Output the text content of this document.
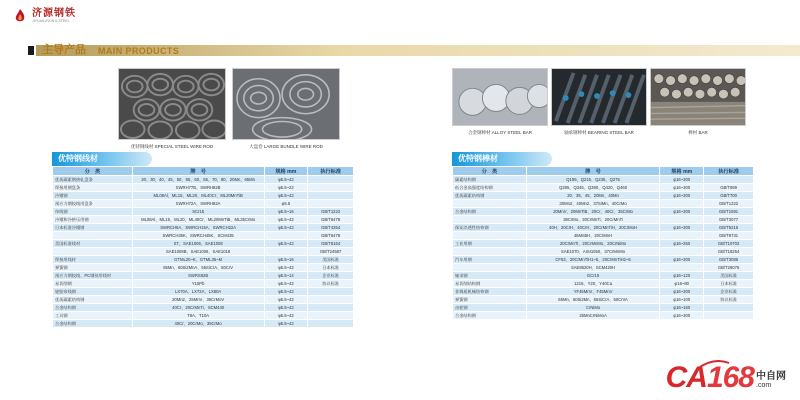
济源钢铁
JIYUAN IRON & STEEL
主导产品 MAIN PRODUCTS
优特钢线材 SPECIAL STEEL WIRE ROD	大盘卷 LARGE BUNDLE WIRE ROD
合金钢棒材 ALLOY STEEL BAR	轴承钢棒材 BEARING STEEL BAR	棒材 BAR
优特钢线材
分　类	牌　号	规格 mm	执行标准
优质碳素钢热轧盘条	20、30、40、45、50、55、60、65、70、80、20Mn、65Mn	φ5.5~42	
焊接用钢盘条	SWRH77B、SWRH82B	φ5.5~22	
冷镦钢	ML08Al、ML15、ML20、ML40Cr、ML20MnTiB	φ5.5~42	
预应力钢绞线用盘条	SWRH72A、SWRH82A	φ5.5	
帘线钢	SCr15	φ5.5~16	GB/T1222
冷镦和冷挤压用钢	ML08Al、ML15、ML20、ML40Cr、ML20MnTiB、ML35CrMo	φ5.5~42	GB/T6478
日本标准冷镦钢	SWRCH6A、SWRCH15A、SWRCH22A	φ5.5~42	GB/T4354
	SWRCH35K、SWRCH45K、SCM435		GB/T6478
美国标准线材	ST、SAE1006、SAE1008	φ5.5~42	GB/T8164
	SAE1008B、SAE1006、SAE1018		GB/T24587
焊接用线材	GTML20~K、GTML35~M	φ5.5~16	美国标准
弹簧钢	65Mn、60Si2MnA、55SiCrA、50CrV	φ5.5~42	日本标准
预应力钢绞线、PC钢丝用线材	SWRS82B	φ5.5~14	企业标准
易切削钢	Y15Pb	φ5.5~42	协议标准
轮胎帘线钢	LX70A、LX72A、LX80A	φ5.5~42	
优质碳素结构钢	20Mn2、25MnV、35CrMoV	φ5.5~42	
合金结构钢	40Cr、20CrMnTi、SCM440	φ5.5~42	
工具钢	T8A、T10A	φ5.5~42	
合金结构钢	40Cr、20CrMo、35CrMo	φ5.5~42	
优特钢棒材
分　类	牌　号	规格 mm	执行标准
碳素结构钢	Q195、Q215、Q235、Q275	φ16~300	
低合金高强度结构钢	Q295、Q345、Q390、Q420、Q460	φ16~300	GB/T699
优质碳素结构钢	20、35、45、20Mn、40Mn	φ16~300	GB/T700
	30Mn2、40Mn2、37SiMn、40CrMo		GB/T1222
合金结构钢	20MnV、20MnTiB、20Cr、40Cr、35CrMo	φ16~300	GB/T1591
	38CrMo、30CrMnTi、20CrMnTi		GB/T3077
保证淬透性结构钢	40H、20CrH、40CrH、20CrMnTiH、20CrMoH	φ16~300	GB/T5216
	45MnBH、20CrMnH		GB/T8731
工业用钢	20CrMnTi、20CrMnMo、20CrNiMo	φ16~250	GB/T10702
	SAE1070、AISI1050、37CrMnMo		GB/T18254
汽车用钢	CF53、20CrMnTiH1~5、20CrMnTiH2~5	φ16~300	GB/T3086
	SAE8620H、SCM420H		GB/T26075
轴承钢	GCr15	φ16~120	美国标准
易切削结构钢	1215、Y20、Y40Ca	φ16~80	日本标准
非调质机械结构钢	YF45MnV、F45MnV	φ16~300	企业标准
弹簧钢	65Mn、60Si2Mn、55SiCrA、50CrVA	φ16~100	协议标准
齿轮钢	CrNiMo	φ16~160	
合金结构钢	25MnCrNiMoA	φ16~300	
CA 168 中自网
.com
